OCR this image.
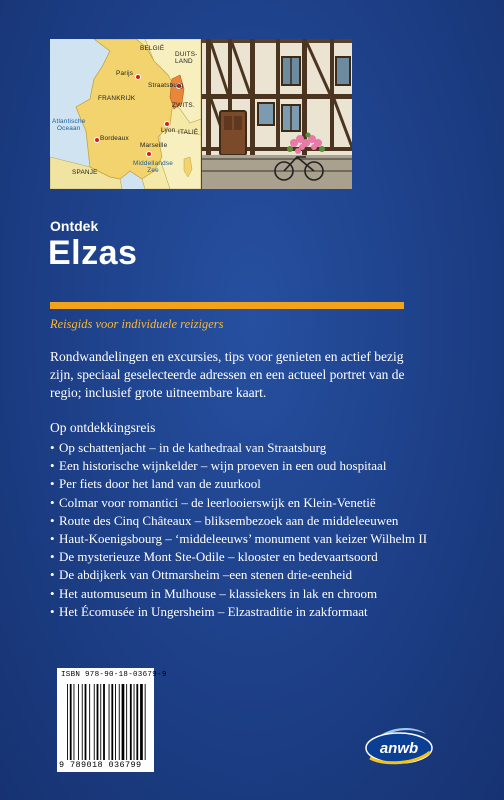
BELGIË
DUITS-
LAND
Parijs
Straatsburg
FRANKRIJK
ZWITS.
Atlantische
Oceaan	Lyon ITALIË
Bordeaux
Marseille
Middellandse
Zee
SPANJE
Ontdek
Elzas
Reisgids voor individuele reizigers
Rondwandelingen en excursies, tips voor genieten en actief bezig zijn, speciaal geselecteerde adressen en een actueel portret van de regio; inclusief grote uitneembare kaart.
Op ontdekkingsreis
• Op schattenjacht – in de kathedraal van Straatsburg
• Een historische wijnkelder – wijn proeven in een oud hospitaal
• Per fiets door het land van de zuurkool
• Colmar voor romantici – de leerlooierswijk en Klein-Venetië
• Route des Cinq Châteaux – bliksembezoek aan de middeleeuwen
• Haut-Koenigsbourg – ‘middeleeuws’ monument van keizer Wilhelm II
• De mysterieuze Mont Ste-Odile – klooster en bedevaartsoord
• De abdijkerk van Ottmarsheim –een stenen drie-eenheid
• Het automuseum in Mulhouse – klassiekers in lak en chroom
• Het Écomusée in Ungersheim – Elzastraditie in zakformaat
ISBN 978-90-18-03679-9
9 789018 036799
anwb
